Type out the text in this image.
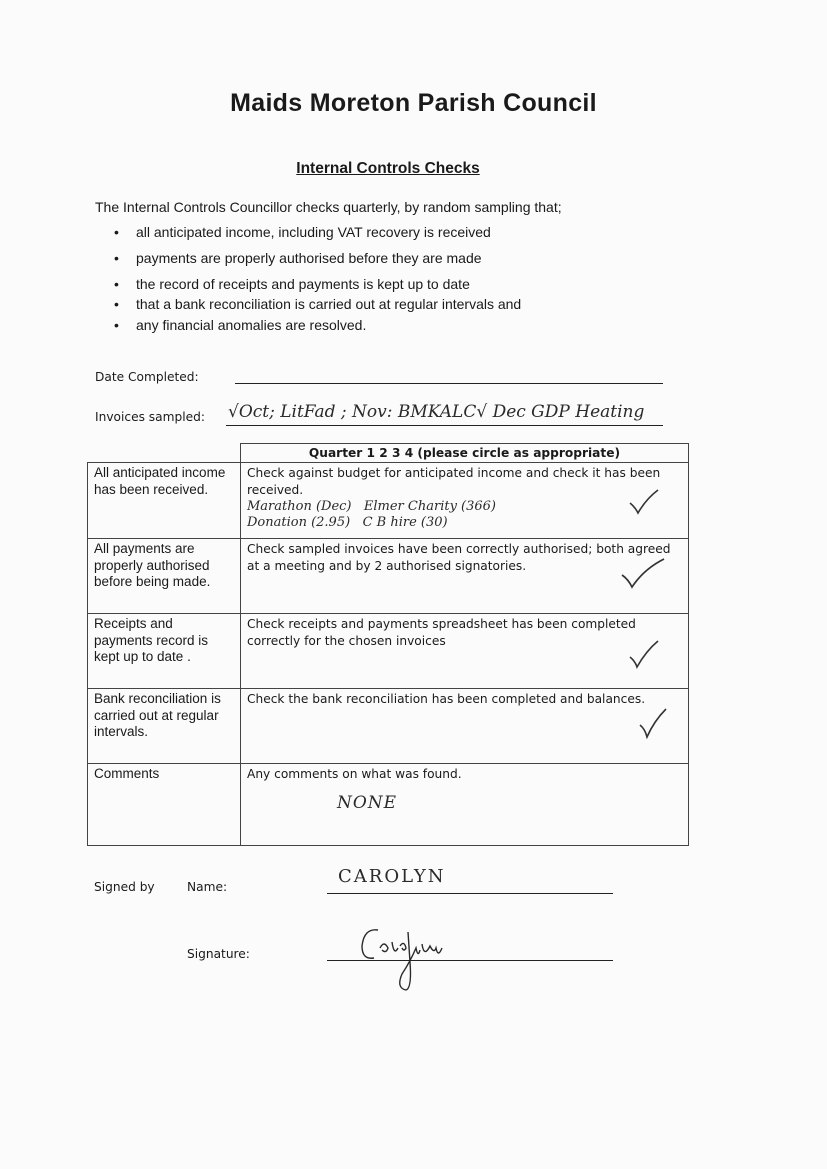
Maids Moreton Parish Council
Internal Controls Checks
The Internal Controls Councillor checks quarterly, by random sampling that;
• all anticipated income, including VAT recovery is received
• payments are properly authorised before they are made
• the record of receipts and payments is kept up to date
• that a bank reconciliation is carried out at regular intervals and
• any financial anomalies are resolved.
Date Completed:
Invoices sampled: √Oct; LitFad ; Nov: BMKALC√ Dec GDP Heating
	Quarter 1 2 3 4 (please circle as appropriate)
All anticipated income has been received.	Check against budget for anticipated income and check it has been received.
Marathon (Dec)   Elmer Charity (366)
Donation (2.95)   C B hire (30)

All payments are properly authorised before being made.	Check sampled invoices have been correctly authorised; both agreed at a meeting and by 2 authorised signatories.

Receipts and payments record is kept up to date .	Check receipts and payments spreadsheet has been completed correctly for the chosen invoices

Bank reconciliation is carried out at regular intervals.	Check the bank reconciliation has been completed and balances.

Comments	Any comments on what was found.
NONE
Signed by	Name:	CAROLYN
Signature:
